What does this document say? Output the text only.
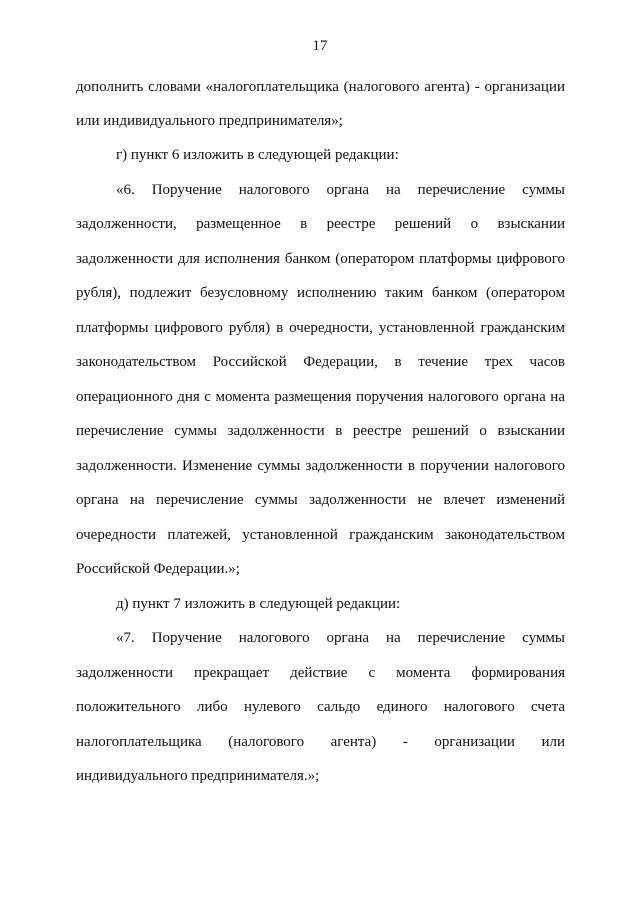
17
дополнить словами «налогоплательщика (налогового агента) - организации
или индивидуального предпринимателя»;
г) пункт 6 изложить в следующей редакции:
«6. Поручение налогового органа на перечисление суммы
задолженности, размещенное в реестре решений о взыскании
задолженности для исполнения банком (оператором платформы цифрового
рубля), подлежит безусловному исполнению таким банком (оператором
платформы цифрового рубля) в очередности, установленной гражданским
законодательством Российской Федерации, в течение трех часов
операционного дня с момента размещения поручения налогового органа на
перечисление суммы задолженности в реестре решений о взыскании
задолженности. Изменение суммы задолженности в поручении налогового
органа на перечисление суммы задолженности не влечет изменений
очередности платежей, установленной гражданским законодательством
Российской Федерации.»;
д) пункт 7 изложить в следующей редакции:
«7. Поручение налогового органа на перечисление суммы
задолженности прекращает действие с момента формирования
положительного либо нулевого сальдо единого налогового счета
налогоплательщика (налогового агента) - организации или
индивидуального предпринимателя.»;
